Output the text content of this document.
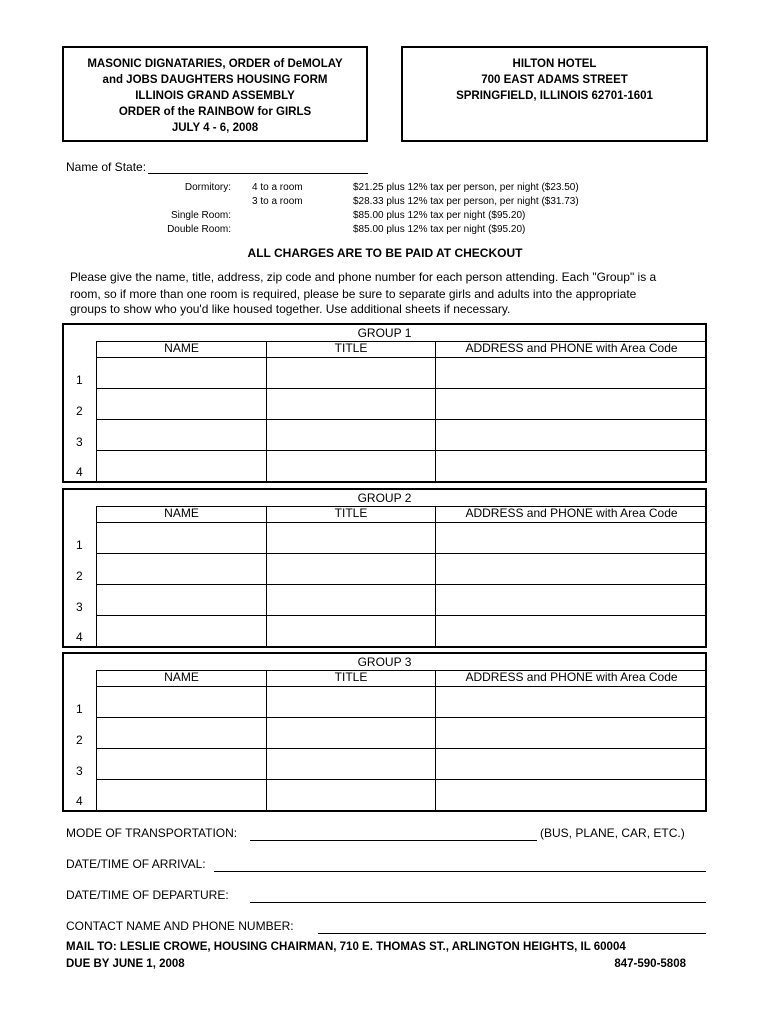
MASONIC DIGNATARIES, ORDER of DeMOLAY
and JOBS DAUGHTERS HOUSING FORM
ILLINOIS GRAND ASSEMBLY
ORDER of the RAINBOW for GIRLS
JULY 4 - 6, 2008
HILTON HOTEL
700 EAST ADAMS STREET
SPRINGFIELD, ILLINOIS 62701-1601
Name of State:
Dormitory: 4 to a room	$21.25 plus 12% tax per person, per night ($23.50)
3 to a room	$28.33 plus 12% tax per person, per night ($31.73)
Single Room:	$85.00 plus 12% tax per night ($95.20)
Double Room:	$85.00 plus 12% tax per night ($95.20)
ALL CHARGES ARE TO BE PAID AT CHECKOUT
Please give the name, title, address, zip code and phone number for each person attending. Each "Group" is a
room, so if more than one room is required, please be sure to separate girls and adults into the appropriate
groups to show who you'd like housed together. Use additional sheets if necessary.
GROUP 1
NAME	TITLE	ADDRESS and PHONE with Area Code
1
2
3
4
GROUP 2
NAME	TITLE	ADDRESS and PHONE with Area Code
1
2
3
4
GROUP 3
NAME	TITLE	ADDRESS and PHONE with Area Code
1
2
3
4
MODE OF TRANSPORTATION:	(BUS, PLANE, CAR, ETC.)
DATE/TIME OF ARRIVAL:
DATE/TIME OF DEPARTURE:
CONTACT NAME AND PHONE NUMBER:
MAIL TO: LESLIE CROWE, HOUSING CHAIRMAN, 710 E. THOMAS ST., ARLINGTON HEIGHTS, IL 60004
DUE BY JUNE 1, 2008	847-590-5808
